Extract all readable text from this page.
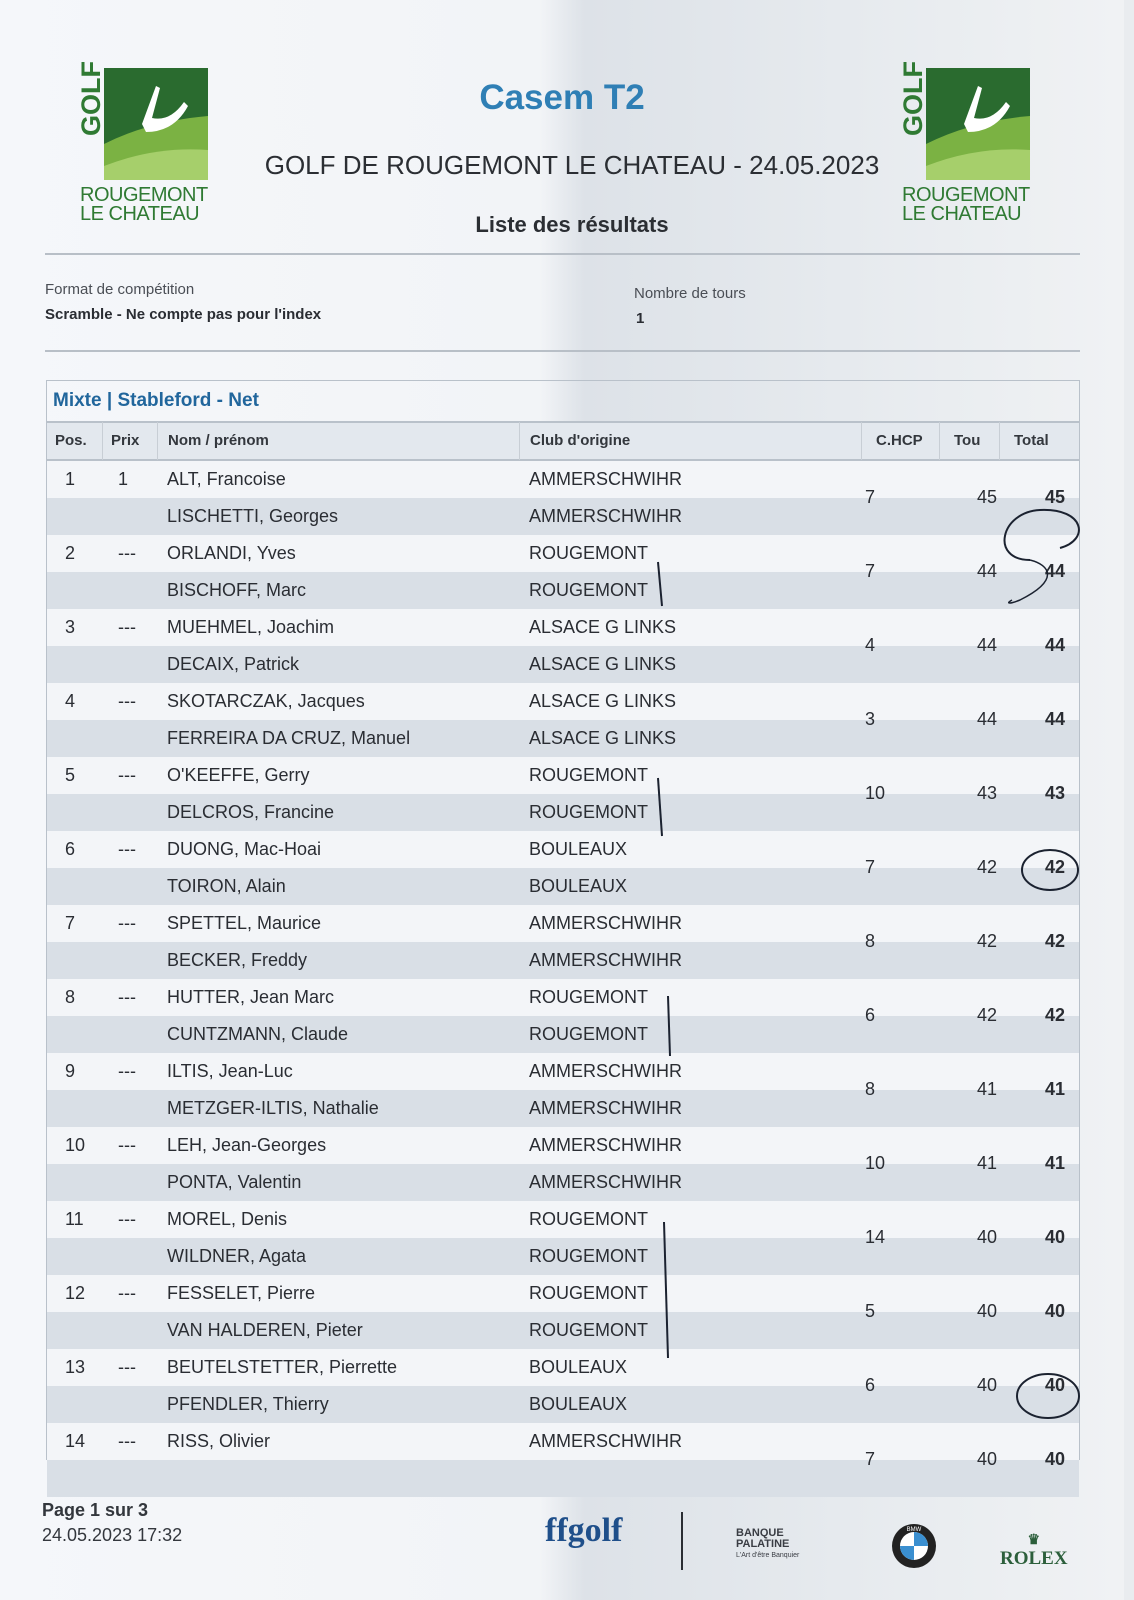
GOLF
ROUGEMONT
LE CHATEAU
GOLF
ROUGEMONT
LE CHATEAU
Casem T2
GOLF DE ROUGEMONT LE CHATEAU - 24.05.2023
Liste des résultats
Format de compétition
Scramble - Ne compte pas pour l'index
Nombre de tours
1
Mixte | Stableford - Net
Pos.	Prix	Nom / prénom	Club d'origine	C.HCP	Tou	Total
1	1	ALT, Francoise	AMMERSCHWIHR
LISCHETTI, Georges	AMMERSCHWIHR
7	45	45
2	---	ORLANDI, Yves	ROUGEMONT
BISCHOFF, Marc	ROUGEMONT
7	44	44
3	---	MUEHMEL, Joachim	ALSACE G LINKS
DECAIX, Patrick	ALSACE G LINKS
4	44	44
4	---	SKOTARCZAK, Jacques	ALSACE G LINKS
FERREIRA DA CRUZ, Manuel	ALSACE G LINKS
3	44	44
5	---	O'KEEFFE, Gerry	ROUGEMONT
DELCROS, Francine	ROUGEMONT
10	43	43
6	---	DUONG, Mac-Hoai	BOULEAUX
TOIRON, Alain	BOULEAUX
7	42	42
7	---	SPETTEL, Maurice	AMMERSCHWIHR
BECKER, Freddy	AMMERSCHWIHR
8	42	42
8	---	HUTTER, Jean Marc	ROUGEMONT
CUNTZMANN, Claude	ROUGEMONT
6	42	42
9	---	ILTIS, Jean-Luc	AMMERSCHWIHR
METZGER-ILTIS, Nathalie	AMMERSCHWIHR
8	41	41
10	---	LEH, Jean-Georges	AMMERSCHWIHR
PONTA, Valentin	AMMERSCHWIHR
10	41	41
11	---	MOREL, Denis	ROUGEMONT
WILDNER, Agata	ROUGEMONT
14	40	40
12	---	FESSELET, Pierre	ROUGEMONT
VAN HALDEREN, Pieter	ROUGEMONT
5	40	40
13	---	BEUTELSTETTER, Pierrette	BOULEAUX
PFENDLER, Thierry	BOULEAUX
6	40	40
14	---	RISS, Olivier	AMMERSCHWIHR
7	40	40
Page 1 sur 3
24.05.2023 17:32	ffgolf	BANQUE
PALATINE
L'Art d'être Banquier
BMW
♛
ROLEX
